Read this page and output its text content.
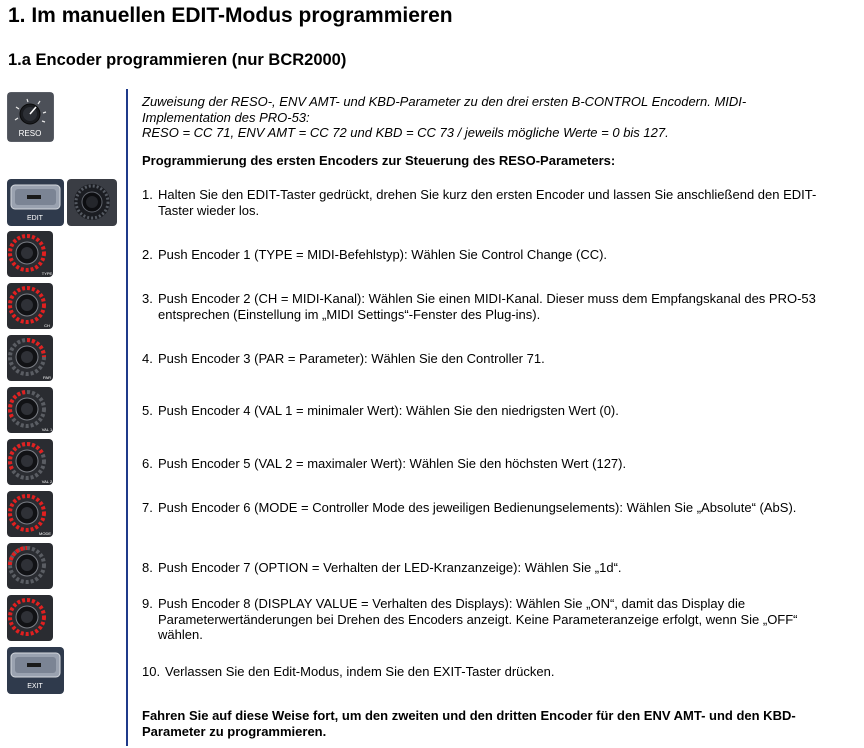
1. Im manuellen EDIT-Modus programmieren
1.a Encoder programmieren (nur BCR2000)
RESO
EDIT
TYPE
CH
PAR
VAL 1
VAL 2
MODE
EXIT
Zuweisung der RESO-, ENV AMT- und KBD-Parameter zu den drei ersten B-CONTROL Encodern. MIDI-
Implementation des PRO-53:
RESO = CC 71, ENV AMT = CC 72 und KBD = CC 73 / jeweils mögliche Werte = 0 bis 127.
Programmierung des ersten Encoders zur Steuerung des RESO-Parameters:
1. Halten Sie den EDIT-Taster gedrückt, drehen Sie kurz den ersten Encoder und lassen Sie anschließend den EDIT-Taster wieder los.
2. Push Encoder 1 (TYPE = MIDI-Befehlstyp): Wählen Sie Control Change (CC).
3. Push Encoder 2 (CH = MIDI-Kanal): Wählen Sie einen MIDI-Kanal. Dieser muss dem Empfangskanal des PRO-53 entsprechen (Einstellung im „MIDI Settings“-Fenster des Plug-ins).
4. Push Encoder 3 (PAR = Parameter): Wählen Sie den Controller 71.
5. Push Encoder 4 (VAL 1 = minimaler Wert): Wählen Sie den niedrigsten Wert (0).
6. Push Encoder 5 (VAL 2 = maximaler Wert): Wählen Sie den höchsten Wert (127).
7. Push Encoder 6 (MODE = Controller Mode des jeweiligen Bedienungselements): Wählen Sie „Absolute“ (AbS).
8. Push Encoder 7 (OPTION = Verhalten der LED-Kranzanzeige): Wählen Sie „1d“.
9. Push Encoder 8 (DISPLAY VALUE = Verhalten des Displays): Wählen Sie „ON“, damit das Display die Parameterwertänderungen bei Drehen des Encoders anzeigt. Keine Parameteranzeige erfolgt, wenn Sie „OFF“ wählen.
10. Verlassen Sie den Edit-Modus, indem Sie den EXIT-Taster drücken.
Fahren Sie auf diese Weise fort, um den zweiten und den dritten Encoder für den ENV AMT- und den KBD-Parameter zu programmieren.
